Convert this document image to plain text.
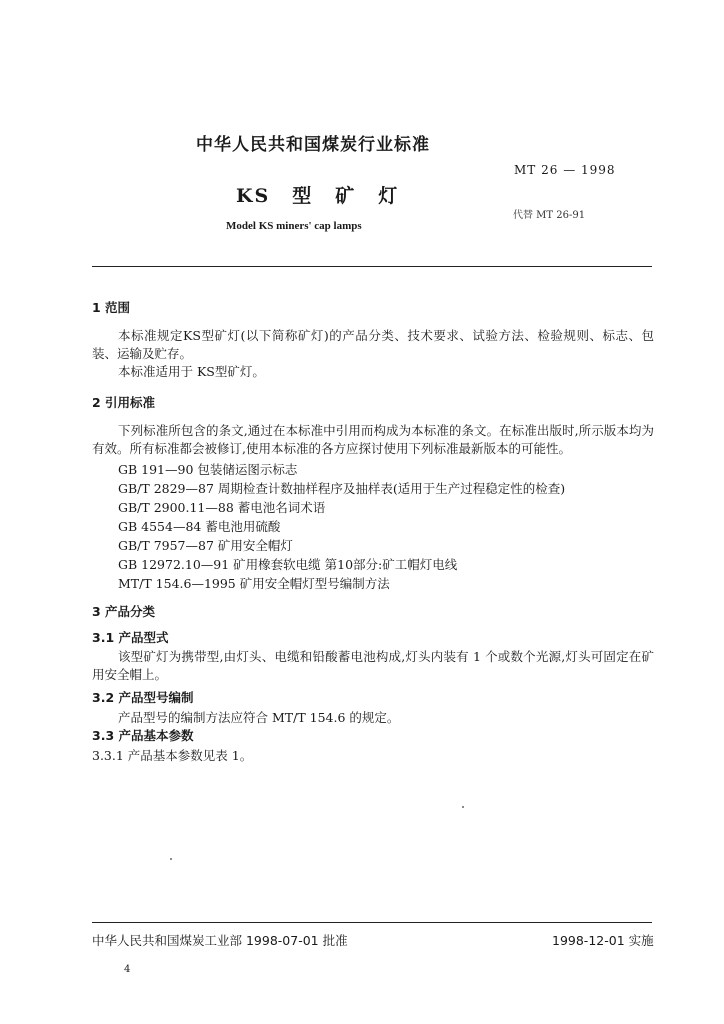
中华人民共和国煤炭行业标准
MT 26 — 1998
KS 型 矿 灯
代替 MT 26-91
Model KS miners' cap lamps
1 范围
本标准规定KS型矿灯(以下简称矿灯)的产品分类、技术要求、试验方法、检验规则、标志、包装、运输及贮存。
本标准适用于 KS型矿灯。
2 引用标准
下列标准所包含的条文,通过在本标准中引用而构成为本标准的条文。在标准出版时,所示版本均为有效。所有标准都会被修订,使用本标准的各方应探讨使用下列标准最新版本的可能性。
GB 191—90 包装储运图示标志
GB/T 2829—87 周期检查计数抽样程序及抽样表(适用于生产过程稳定性的检查)
GB/T 2900.11—88 蓄电池名词术语
GB 4554—84 蓄电池用硫酸
GB/T 7957—87 矿用安全帽灯
GB 12972.10—91 矿用橡套软电缆 第10部分:矿工帽灯电线
MT/T 154.6—1995 矿用安全帽灯型号编制方法
3 产品分类
3.1 产品型式
该型矿灯为携带型,由灯头、电缆和铅酸蓄电池构成,灯头内装有 1 个或数个光源,灯头可固定在矿用安全帽上。
3.2 产品型号编制
产品型号的编制方法应符合 MT/T 154.6 的规定。
3.3 产品基本参数
3.3.1 产品基本参数见表 1。
中华人民共和国煤炭工业部 1998-07-01 批准	1998-12-01 实施
4
